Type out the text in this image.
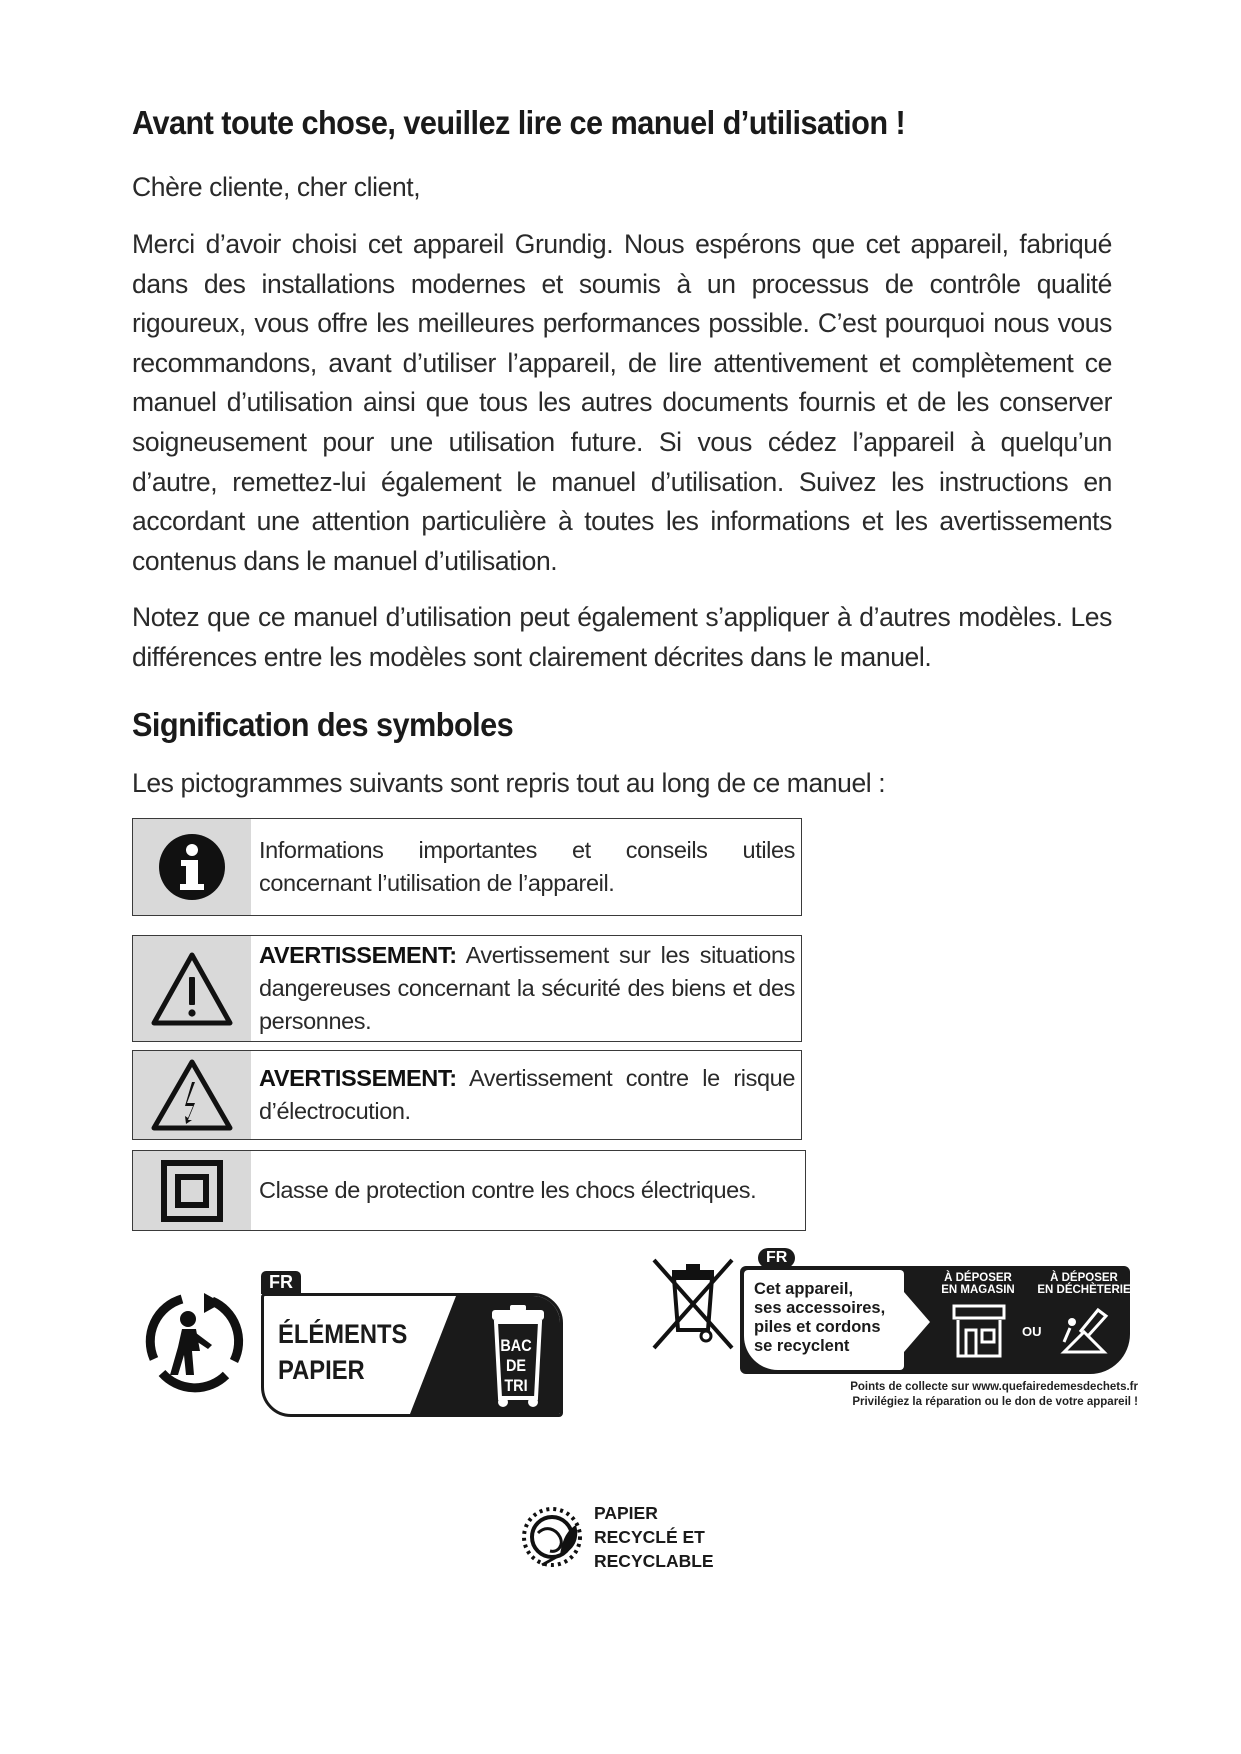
Avant toute chose, veuillez lire ce manuel d’utilisation !

Chère cliente, cher client,

Merci d’avoir choisi cet appareil Grundig. Nous espérons que cet appareil, fabriqué dans des installations modernes et soumis à un processus de contrôle qualité rigoureux, vous offre les meilleures performances possible. C’est pourquoi nous vous recommandons, avant d’utiliser l’appareil, de lire attentivement et complètement ce manuel d’utilisation ainsi que tous les autres documents fournis et de les conserver soigneusement pour une utilisation future. Si vous cédez l’appareil à quelqu’un d’autre, remettez-lui également le manuel d’utilisation. Suivez les instructions en accordant une attention particulière à toutes les informations et les avertissements contenus dans le manuel d’utilisation.

Notez que ce manuel d’utilisation peut également s’appliquer à d’autres modèles. Les différences entre les modèles sont clairement décrites dans le manuel.

Signification des symboles

Les pictogrammes suivants sont repris tout au long de ce manuel :

Informations importantes et conseils utiles concernant l’utilisation de l’appareil.
AVERTISSEMENT: Avertissement sur les situations dangereuses concernant la sécurité des biens et des personnes.
AVERTISSEMENT: Avertissement contre le risque d’électrocution.
Classe de protection contre les chocs électriques.
FR
ÉLÉMENTS
PAPIER
BAC
DE
TRI
FR
Cet appareil,
ses accessoires,
piles et cordons
se recyclent
À DÉPOSER
EN MAGASIN
OU
À DÉPOSER
EN DÉCHÈTERIE
Points de collecte sur www.quefairedemesdechets.fr
Privilégiez la réparation ou le don de votre appareil !
PAPIER
RECYCLÉ ET
RECYCLABLE
